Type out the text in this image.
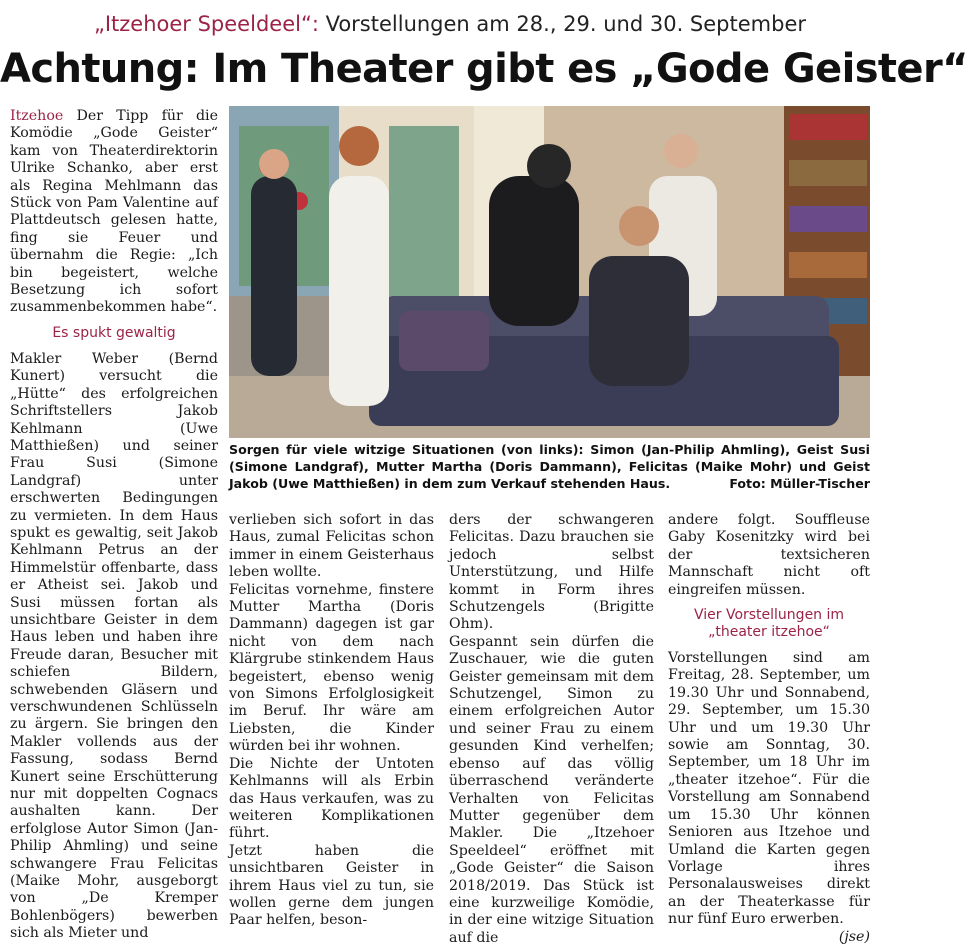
„Itzehoer Speeldeel“: Vorstellungen am 28., 29. und 30. September
Achtung: Im Theater gibt es „Gode Geister“

Itzehoe Der Tipp für die Komödie „Gode Geister“ kam von Theaterdirektorin Ulrike Schanko, aber erst als Regina Mehlmann das Stück von Pam Valentine auf Plattdeutsch gelesen hatte, fing sie Feuer und übernahm die Regie: „Ich bin begeistert, welche Besetzung ich sofort zusammenbekommen habe“.

Es spukt gewaltig

Makler Weber (Bernd Kunert) versucht die „Hütte“ des erfolgreichen Schriftstellers Jakob Kehlmann (Uwe Matthießen) und seiner Frau Susi (Simone Landgraf) unter erschwerten Bedingungen zu vermieten. In dem Haus spukt es gewaltig, seit Jakob Kehlmann Petrus an der Himmelstür offenbarte, dass er Atheist sei. Jakob und Susi müssen fortan als unsichtbare Geister in dem Haus leben und haben ihre Freude daran, Besucher mit schiefen Bildern, schwebenden Gläsern und verschwundenen Schlüsseln zu ärgern. Sie bringen den Makler vollends aus der Fassung, sodass Bernd Kunert seine Erschütterung nur mit doppelten Cognacs aushalten kann. Der erfolglose Autor Simon (Jan-Philip Ahmling) und seine schwangere Frau Felicitas (Maike Mohr, ausgeborgt von „De Kremper Bohlenbögers) bewerben sich als Mieter und

Sorgen für viele witzige Situationen (von links): Simon (Jan-Philip Ahmling), Geist Susi (Simone Landgraf), Mutter Martha (Doris Dammann), Felicitas (Maike Mohr) und Geist Jakob (Uwe Matthießen) in dem zum Verkauf stehenden Haus.	Foto: Müller-Tischer

verlieben sich sofort in das Haus, zumal Felicitas schon immer in einem Geisterhaus leben wollte.

Felicitas vornehme, finstere Mutter Martha (Doris Dammann) dagegen ist gar nicht von dem nach Klärgrube stinkendem Haus begeistert, ebenso wenig von Simons Erfolglosigkeit im Beruf. Ihr wäre am Liebsten, die Kinder würden bei ihr wohnen.

Die Nichte der Untoten Kehlmanns will als Erbin das Haus verkaufen, was zu weiteren Komplikationen führt.

Jetzt haben die unsichtbaren Geister in ihrem Haus viel zu tun, sie wollen gerne dem jungen Paar helfen, beson-

ders der schwangeren Felicitas. Dazu brauchen sie jedoch selbst Unterstützung, und Hilfe kommt in Form ihres Schutzengels (Brigitte Ohm).

Gespannt sein dürfen die Zuschauer, wie die guten Geister gemeinsam mit dem Schutzengel, Simon zu einem erfolgreichen Autor und seiner Frau zu einem gesunden Kind verhelfen; ebenso auf das völlig überraschend veränderte Verhalten von Felicitas Mutter gegenüber dem Makler. Die „Itzehoer Speeldeel“ eröffnet mit „Gode Geister“ die Saison 2018/2019. Das Stück ist eine kurzweilige Komödie, in der eine witzige Situation auf die

andere folgt. Souffleuse Gaby Kosenitzky wird bei der textsicheren Mannschaft nicht oft eingreifen müssen.

Vier Vorstellungen im „theater itzehoe“

Vorstellungen sind am Freitag, 28. September, um 19.30 Uhr und Sonnabend, 29. September, um 15.30 Uhr und um 19.30 Uhr sowie am Sonntag, 30. September, um 18 Uhr im „theater itzehoe“. Für die Vorstellung am Sonnabend um 15.30 Uhr können Senioren aus Itzehoe und Umland die Karten gegen Vorlage ihres Personalausweises direkt an der Theaterkasse für nur fünf Euro erwerben.

(jse)
